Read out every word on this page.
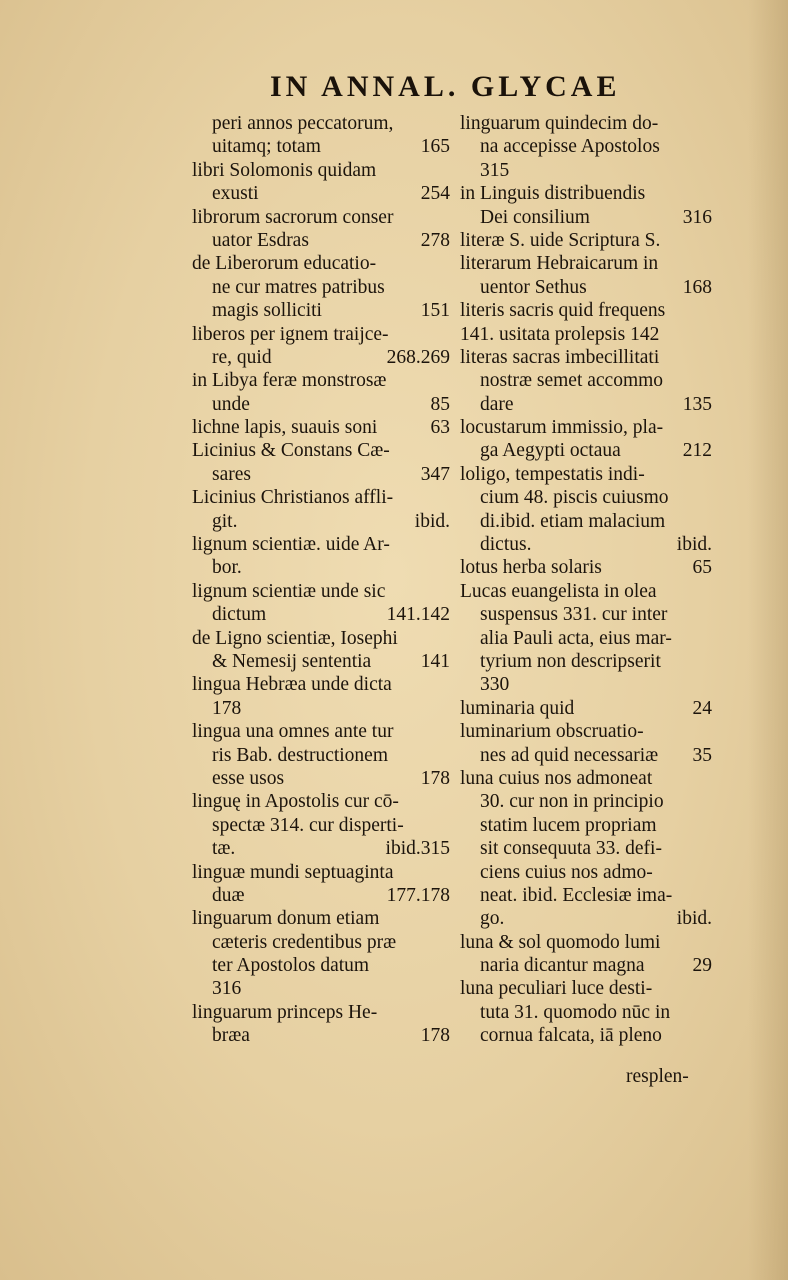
IN ANNAL. GLYCAE
peri annos peccatorum,
uitamq; totam	165
libri Solomonis quidam
exusti	254
librorum sacrorum conser
uator Esdras	278
de Liberorum educatio-
ne cur matres patribus
magis solliciti	151
liberos per ignem traijce-
re, quid	268.269
in Libya feræ monstrosæ
unde	85
lichne lapis, suauis soni	63
Licinius & Constans Cæ-
sares	347
Licinius Christianos affli-
git.	ibid.
lignum scientiæ. uide Ar-
bor.
lignum scientiæ unde sic
dictum	141.142
de Ligno scientiæ, Iosephi
& Nemesij sententia	141
lingua Hebræa unde dicta
178
lingua una omnes ante tur
ris Bab. destructionem
esse usos	178
linguę in Apostolis cur cō-
spectæ 314. cur disperti-
tæ.	ibid.315
linguæ mundi septuaginta
duæ	177.178
linguarum donum etiam
cæteris credentibus præ
ter Apostolos datum
316
linguarum princeps He-
bræa	178
linguarum quindecim do-
na accepisse Apostolos
315
in Linguis distribuendis
Dei consilium	316
literæ S. uide Scriptura S.
literarum Hebraicarum in
uentor Sethus	168
literis sacris quid frequens
141. usitata prolepsis 142
literas sacras imbecillitati
nostræ semet accommo
dare	135
locustarum immissio, pla-
ga Aegypti octaua	212
loligo, tempestatis indi-
cium 48. piscis cuiusmo
di.ibid. etiam malacium
dictus.	ibid.
lotus herba solaris	65
Lucas euangelista in olea
suspensus 331. cur inter
alia Pauli acta, eius mar-
tyrium non descripserit
330
luminaria quid	24
luminarium obscruatio-
nes ad quid necessariæ	35
luna cuius nos admoneat
30. cur non in principio
statim lucem propriam
sit consequuta 33. defi-
ciens cuius nos admo-
neat. ibid. Ecclesiæ ima-
go.	ibid.
luna & sol quomodo lumi
naria dicantur magna	29
luna peculiari luce desti-
tuta 31. quomodo nūc in
cornua falcata, iā pleno
resplen-
